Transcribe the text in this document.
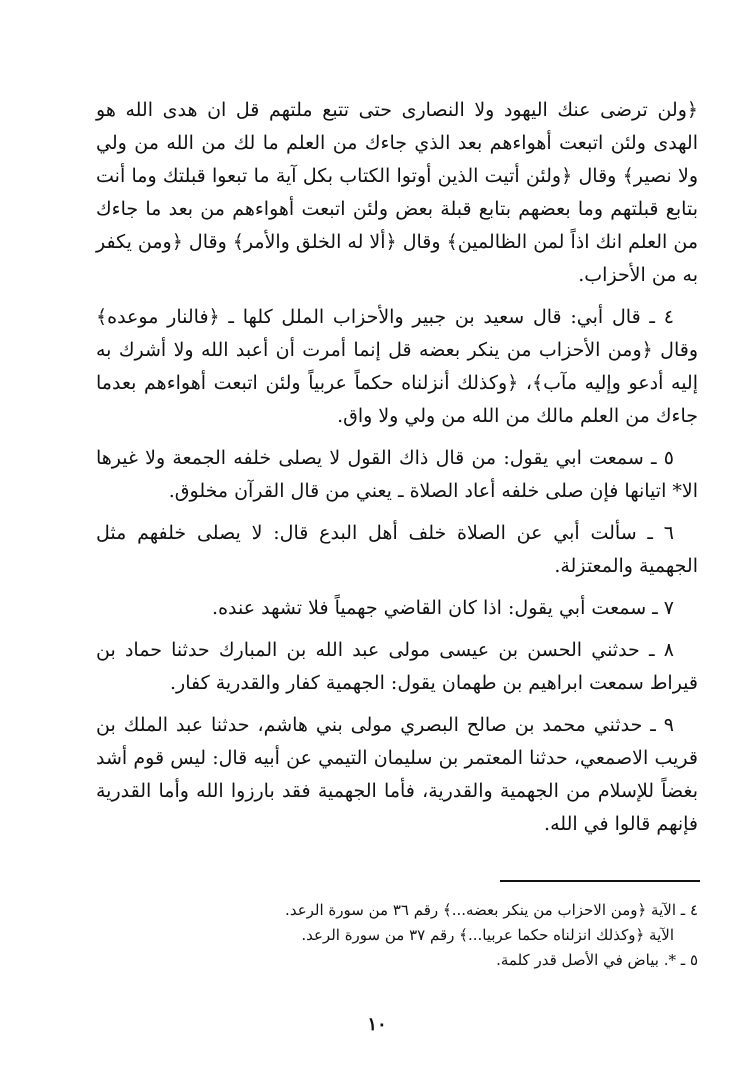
﴿ولن ترضى عنك اليهود ولا النصارى حتى تتبع ملتهم قل ان هدى الله هو الهدى ولئن اتبعت أهواءهم بعد الذي جاءك من العلم ما لك من الله من ولي ولا نصير﴾ وقال ﴿ولئن أتيت الذين أوتوا الكتاب بكل آية ما تبعوا قبلتك وما أنت بتابع قبلتهم وما بعضهم بتابع قبلة بعض ولئن اتبعت أهواءهم من بعد ما جاءك من العلم انك اذاً لمن الظالمين﴾ وقال ﴿ألا له الخلق والأمر﴾ وقال ﴿ومن يكفر به من الأحزاب.

٤ ـ قال أبي: قال سعيد بن جبير والأحزاب الملل كلها ـ ﴿فالنار موعده﴾ وقال ﴿ومن الأحزاب من ينكر بعضه قل إنما أمرت أن أعبد الله ولا أشرك به إليه أدعو وإليه مآب﴾، ﴿وكذلك أنزلناه حكماً عربياً ولئن اتبعت أهواءهم بعدما جاءك من العلم مالك من الله من ولي ولا واق.

٥ ـ سمعت ابي يقول: من قال ذاك القول لا يصلى خلفه الجمعة ولا غيرها الا* اتيانها فإن صلى خلفه أعاد الصلاة ـ يعني من قال القرآن مخلوق.

٦ ـ سألت أبي عن الصلاة خلف أهل البدع قال: لا يصلى خلفهم مثل الجهمية والمعتزلة.

٧ ـ سمعت أبي يقول: اذا كان القاضي جهمياً فلا تشهد عنده.

٨ ـ حدثني الحسن بن عيسى مولى عبد الله بن المبارك حدثنا حماد بن قيراط سمعت ابراهيم بن طهمان يقول: الجهمية كفار والقدرية كفار.

٩ ـ حدثني محمد بن صالح البصري مولى بني هاشم، حدثنا عبد الملك بن قريب الاصمعي، حدثنا المعتمر بن سليمان التيمي عن أبيه قال: ليس قوم أشد بغضاً للإسلام من الجهمية والقدرية، فأما الجهمية فقد بارزوا الله وأما القدرية فإنهم قالوا في الله.

٤ ـ الآية ﴿ومن الاحزاب من ينكر بعضه...﴾ رقم ٣٦ من سورة الرعد.

الآية ﴿وكذلك انزلناه حكما عربيا...﴾ رقم ٣٧ من سورة الرعد.

٥ ـ *. بياض في الأصل قدر كلمة.

١٠
